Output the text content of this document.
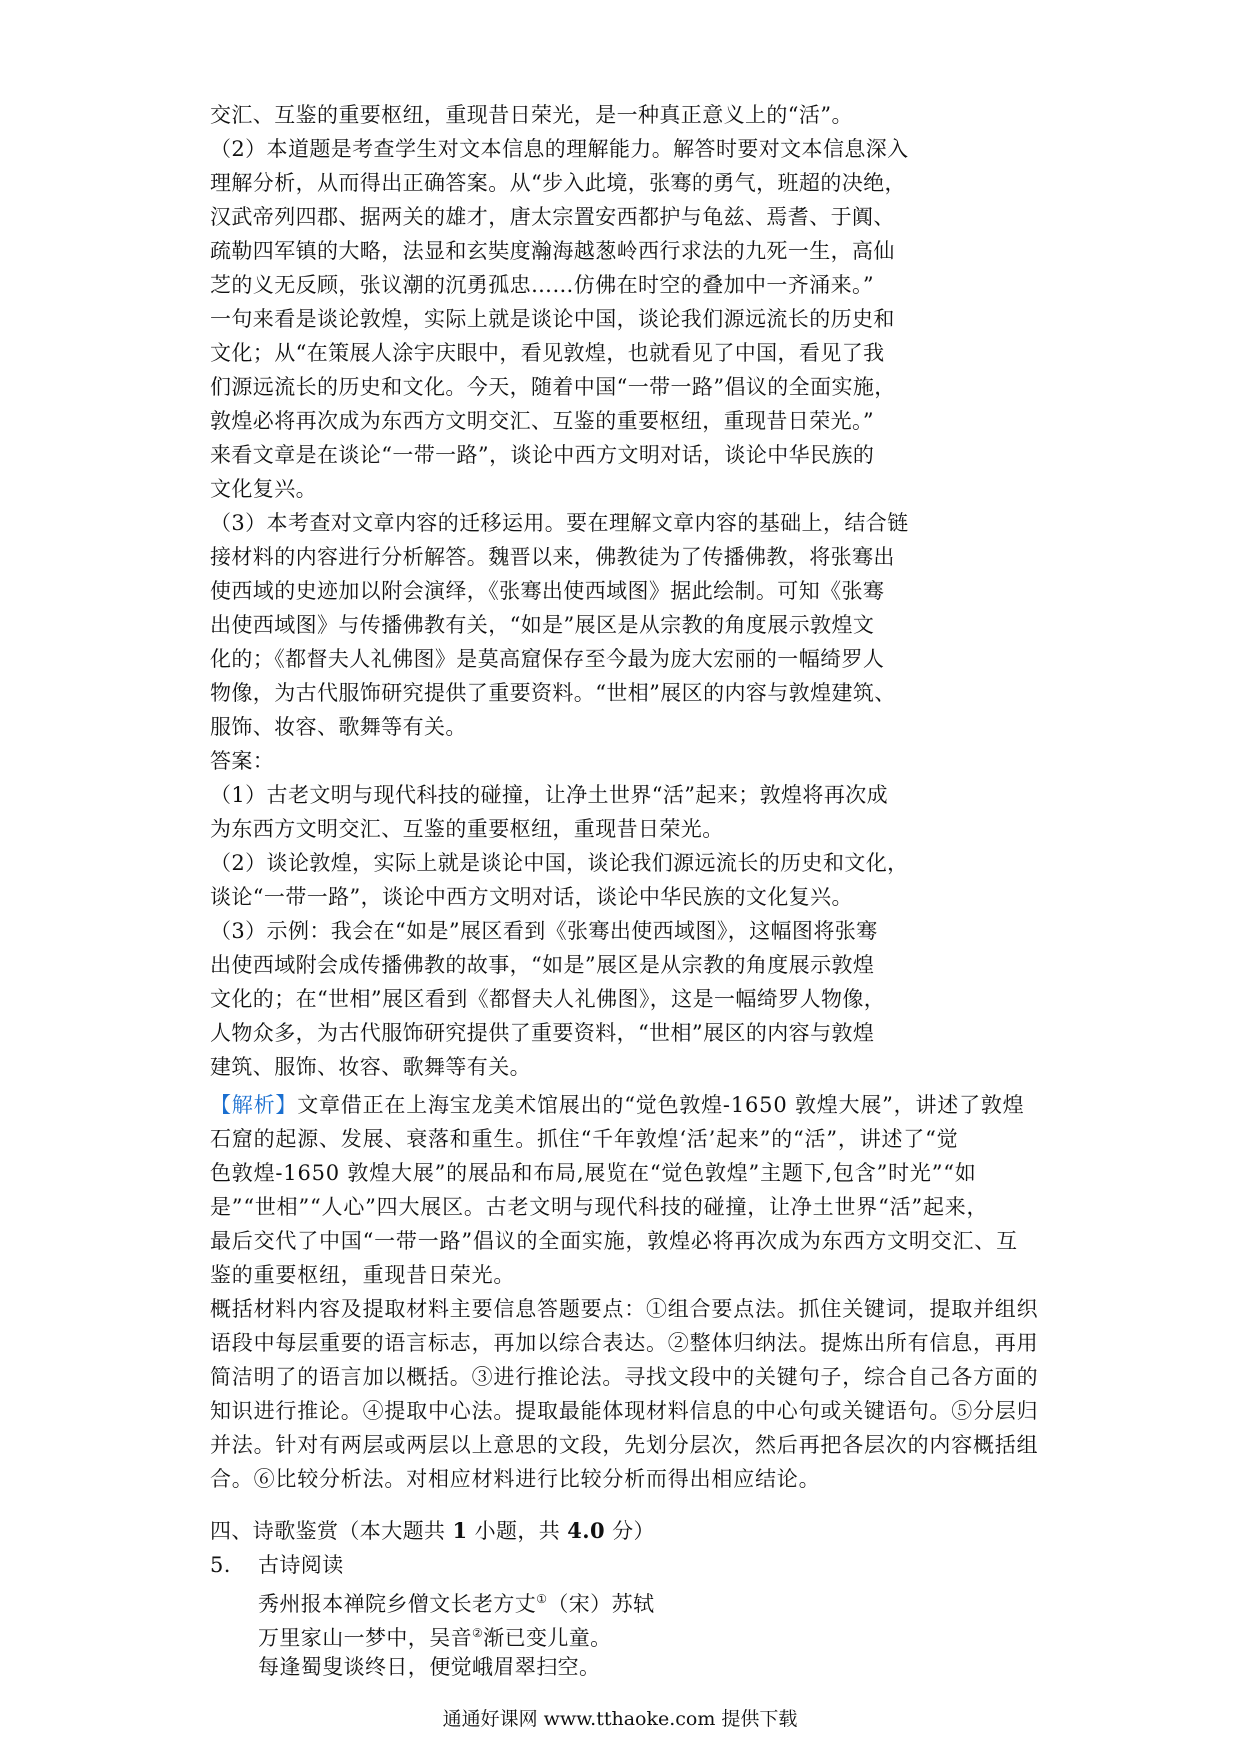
交汇、互鉴的重要枢纽，重现昔日荣光，是一种真正意义上的“活”。
（2）本道题是考查学生对文本信息的理解能力。解答时要对文本信息深入
理解分析，从而得出正确答案。从“步入此境，张骞的勇气，班超的决绝，
汉武帝列四郡、据两关的雄才，唐太宗置安西都护与龟兹、焉耆、于阗、
疏勒四军镇的大略，法显和玄奘度瀚海越葱岭西行求法的九死一生，高仙
芝的义无反顾，张议潮的沉勇孤忠……仿佛在时空的叠加中一齐涌来。”
一句来看是谈论敦煌，实际上就是谈论中国，谈论我们源远流长的历史和
文化；从“在策展人涂宇庆眼中，看见敦煌，也就看见了中国，看见了我
们源远流长的历史和文化。今天，随着中国“一带一路”倡议的全面实施，
敦煌必将再次成为东西方文明交汇、互鉴的重要枢纽，重现昔日荣光。”
来看文章是在谈论“一带一路”，谈论中西方文明对话，谈论中华民族的
文化复兴。
（3）本考查对文章内容的迁移运用。要在理解文章内容的基础上，结合链
接材料的内容进行分析解答。魏晋以来，佛教徒为了传播佛教，将张骞出
使西域的史迹加以附会演绎，《张骞出使西域图》据此绘制。可知《张骞
出使西域图》与传播佛教有关，“如是”展区是从宗教的角度展示敦煌文
化的；《都督夫人礼佛图》是莫高窟保存至今最为庞大宏丽的一幅绮罗人
物像，为古代服饰研究提供了重要资料。“世相”展区的内容与敦煌建筑、
服饰、妆容、歌舞等有关。
答案：
（1）古老文明与现代科技的碰撞，让净土世界“活”起来；敦煌将再次成
为东西方文明交汇、互鉴的重要枢纽，重现昔日荣光。
（2）谈论敦煌，实际上就是谈论中国，谈论我们源远流长的历史和文化，
谈论“一带一路”，谈论中西方文明对话，谈论中华民族的文化复兴。
（3）示例：我会在“如是”展区看到《张骞出使西域图》，这幅图将张骞
出使西域附会成传播佛教的故事，“如是”展区是从宗教的角度展示敦煌
文化的；在“世相”展区看到《都督夫人礼佛图》，这是一幅绮罗人物像，
人物众多，为古代服饰研究提供了重要资料，“世相”展区的内容与敦煌
建筑、服饰、妆容、歌舞等有关。
【解析】文章借正在上海宝龙美术馆展出的“觉色敦煌-1650 敦煌大展”，讲述了敦煌
石窟的起源、发展、衰落和重生。抓住“千年敦煌‘活’起来”的“活”，讲述了“觉
色敦煌-1650 敦煌大展”的展品和布局,展览在“觉色敦煌”主题下,包含”时光”“如
是”“世相”“人心”四大展区。古老文明与现代科技的碰撞，让净土世界“活”起来，
最后交代了中国“一带一路”倡议的全面实施，敦煌必将再次成为东西方文明交汇、互
鉴的重要枢纽，重现昔日荣光。
概括材料内容及提取材料主要信息答题要点：①组合要点法。抓住关键词，提取并组织
语段中每层重要的语言标志，再加以综合表达。②整体归纳法。提炼出所有信息，再用
简洁明了的语言加以概括。③进行推论法。寻找文段中的关键句子，综合自己各方面的
知识进行推论。④提取中心法。提取最能体现材料信息的中心句或关键语句。⑤分层归
并法。针对有两层或两层以上意思的文段，先划分层次，然后再把各层次的内容概括组
合。⑥比较分析法。对相应材料进行比较分析而得出相应结论。
四、诗歌鉴赏（本大题共 1 小题，共 4.0 分）
5. 古诗阅读
秀州报本禅院乡僧文长老方丈①（宋）苏轼
万里家山一梦中，吴音②渐已变儿童。
每逢蜀叟谈终日，便觉峨眉翠扫空。
通通好课网 www.tthaoke.com 提供下载
